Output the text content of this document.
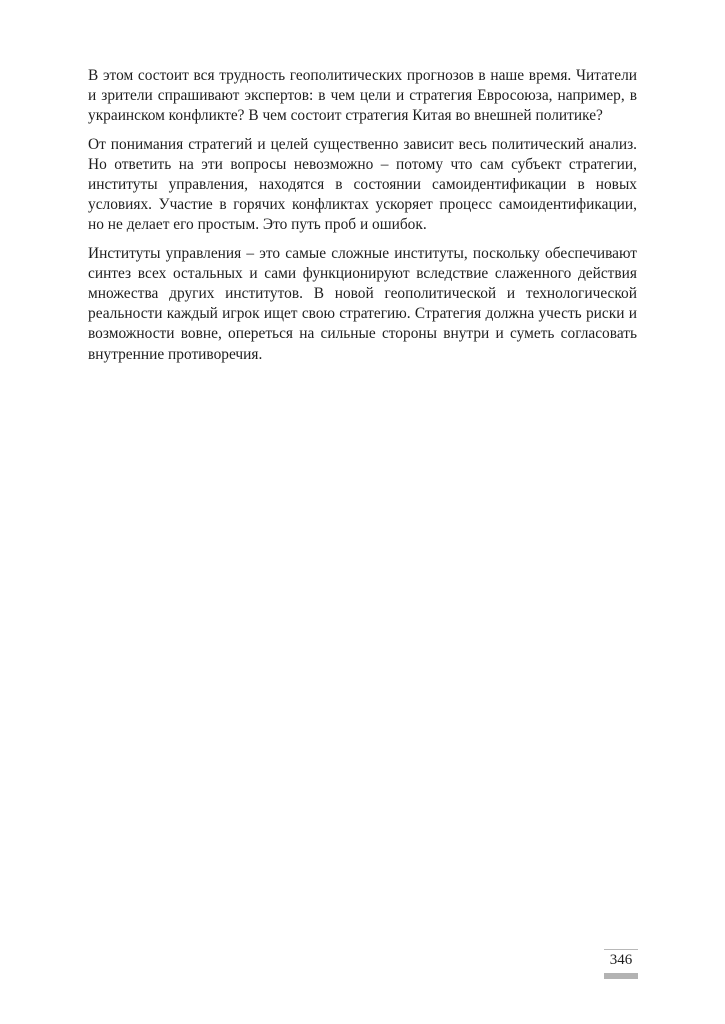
В этом состоит вся трудность геополитических прогнозов в наше время. Читатели и зрители спрашивают экспертов: в чем цели и стратегия Евросоюза, например, в украинском конфликте? В чем состоит стратегия Китая во внешней политике?

От понимания стратегий и целей существенно зависит весь политический анализ. Но ответить на эти вопросы невозможно – потому что сам субъект стратегии, институты управления, находятся в состоянии самоидентификации в новых условиях. Участие в горячих конфликтах ускоряет процесс самоидентификации, но не делает его простым. Это путь проб и ошибок.

Институты управления – это самые сложные институты, поскольку обеспечивают синтез всех остальных и сами функционируют вследствие слаженного действия множества других институтов. В новой геополитической и технологической реальности каждый игрок ищет свою стратегию. Стратегия должна учесть риски и возможности вовне, опереться на сильные стороны внутри и суметь согласовать внутренние противоречия.

346
